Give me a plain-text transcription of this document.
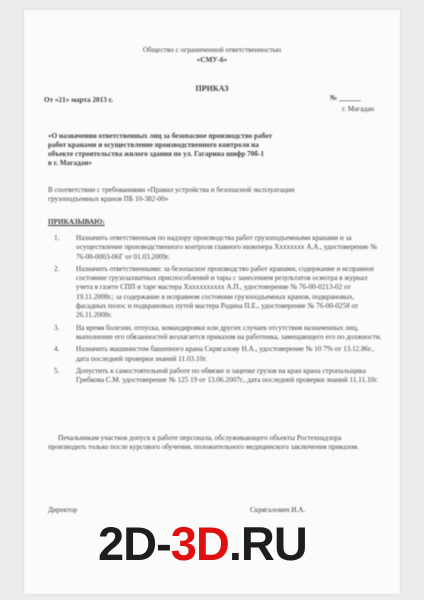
Общество с ограниченной ответственностью
«СМУ-6»
ПРИКАЗ
От «21» марта 2013 г.	№ ______
г. Магадан
«О назначении ответственных лиц за безопасное производство работ
работ кранами и осуществление производственного контроля на
объекте строительства жилого здания по ул. Гагарина шифр 70б-1
в г. Магадан»
В соответствии с требованиями «Правил устройства и безопасной эксплуатации
грузоподъемных кранов ПБ 10-382-00»
ПРИКАЗЫВАЮ:
1. Назначить ответственным по надзору производства работ грузоподъемными кранами и за осуществление производственного контроля главного инженера Хххххххх А.А., удостоверение № 76-00-0003-06Г от 01.03.2009г.
2. Назначить ответственными: за безопасное производство работ кранами, содержание и исправное состояние грузозахватных приспособлений и тары с занесением результатов осмотра в журнал учета в газете СПП и таре мастера Ххххххххххх А.П., удостоверение № 76-00-0213-02 от 19.11.2008г.; за содержание в исправном состоянии грузоподъемных кранов, подкрановых, фасадных полос и подкрановых путей мастера Родина П.Е., удостоверение № 76-00-0258 от 26.11.2008г.
3. На время болезни, отпуска, командировки или других случаев отсутствия назначенных лиц, выполнение его обязанностей возлагается приказом на работника, замещающего его по должности.
4. Назначить машинистом башенного крана Скрягалову Н.А., удостоверение № 10 7% от 13.12.86г., дата последней проверки знаний 11.03.10г.
5. Допустить к самостоятельной работе по обвязке и зацепке грузов на кран крана стропальщика Грибкова С.М. удостоверение № 125 19 от 13.06.2007г., дата последней проверки знаний 11.11.10г.
Печальникам участков допуск к работе персонала, обслуживающего объекты Ростехнадзора производить только после курсового обучения, положительного медицинского заключения приказом.
Директор	Скрягалович И.А.
2D-3D.RU
